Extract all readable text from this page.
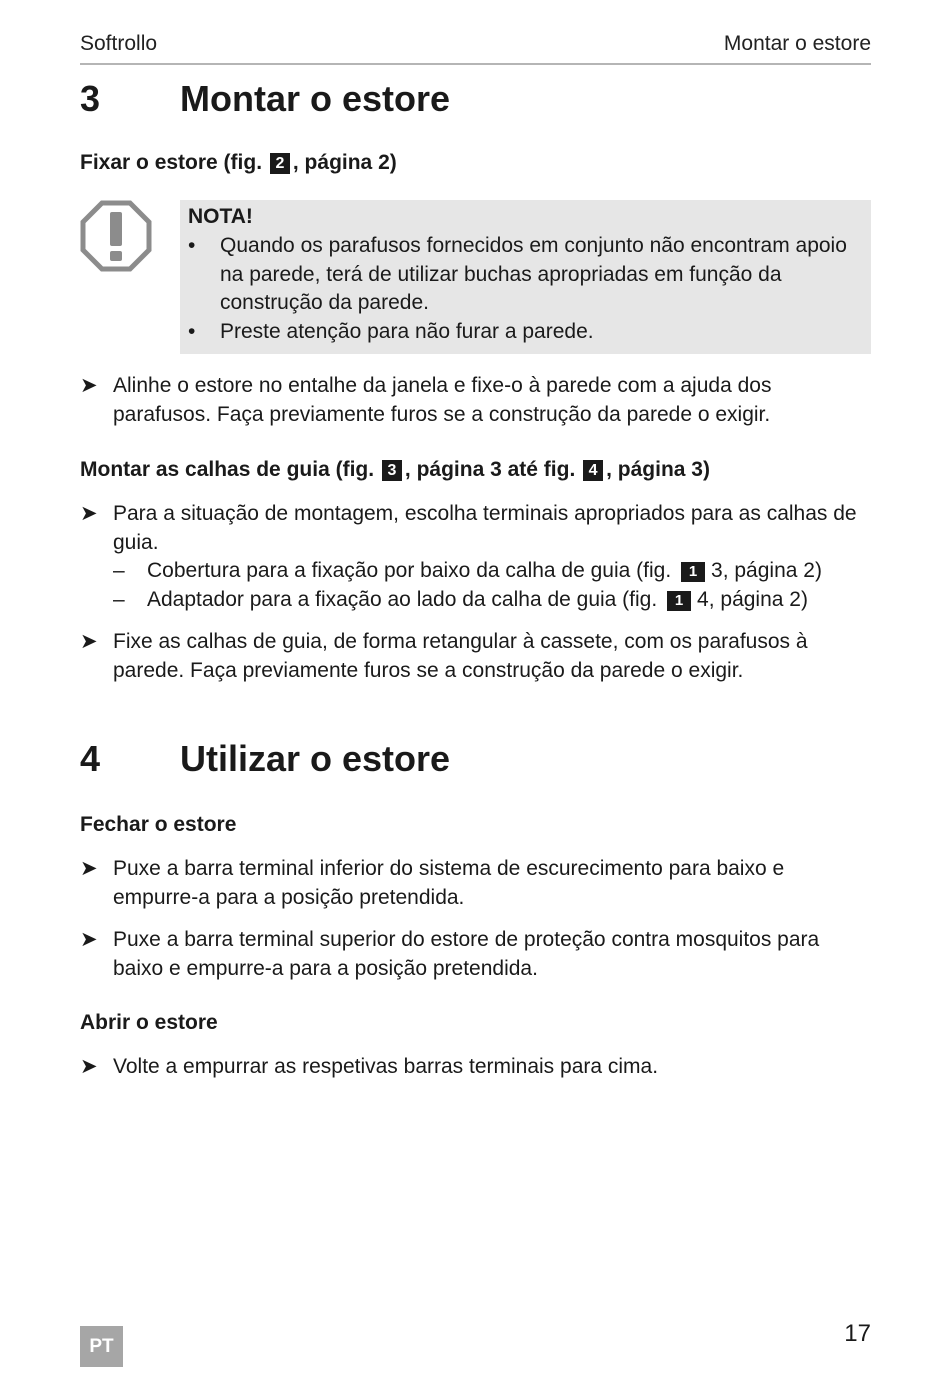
Softrollo	Montar o estore
3 Montar o estore
Fixar o estore (fig. 2 , página 2)
NOTA!
• Quando os parafusos fornecidos em conjunto não encontram apoio na parede, terá de utilizar buchas apropriadas em função da construção da parede.
• Preste atenção para não furar a parede.
➤ Alinhe o estore no entalhe da janela e fixe-o à parede com a ajuda dos parafusos. Faça previamente furos se a construção da parede o exigir.
Montar as calhas de guia (fig. 3 , página 3 até fig. 4 , página 3)
➤ Para a situação de montagem, escolha terminais apropriados para as calhas de guia.
– Cobertura para a fixação por baixo da calha de guia (fig. 1 3, página 2)
– Adaptador para a fixação ao lado da calha de guia (fig. 1 4, página 2)
➤ Fixe as calhas de guia, de forma retangular à cassete, com os parafusos à parede. Faça previamente furos se a construção da parede o exigir.
4 Utilizar o estore
Fechar o estore
➤ Puxe a barra terminal inferior do sistema de escurecimento para baixo e empurre-a para a posição pretendida.
➤ Puxe a barra terminal superior do estore de proteção contra mosquitos para baixo e empurre-a para a posição pretendida.
Abrir o estore
➤ Volte a empurrar as respetivas barras terminais para cima.
PT	17
